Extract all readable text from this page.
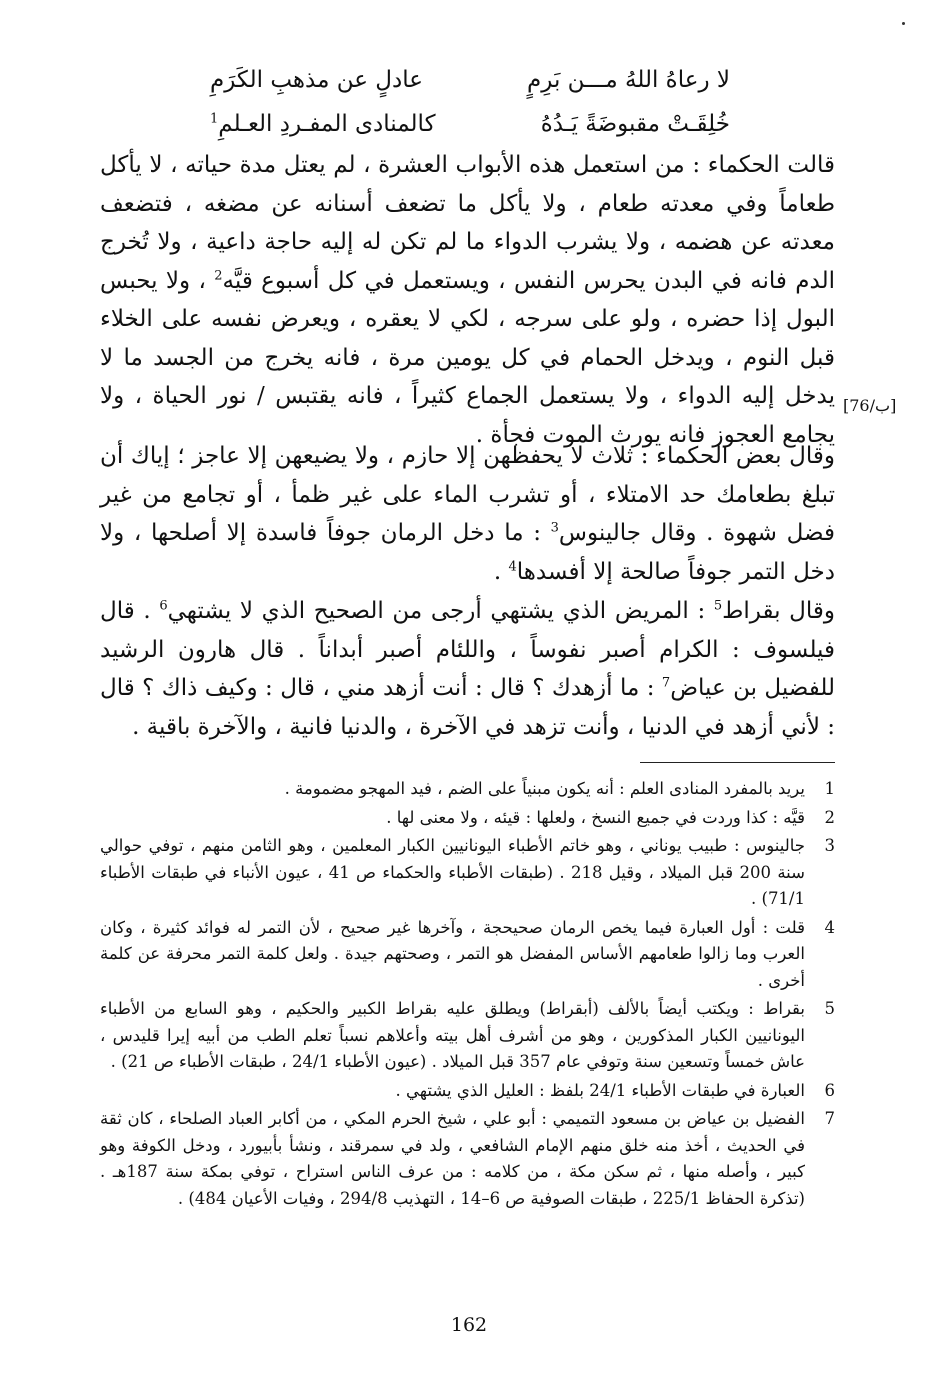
لا رعاهُ اللهُ مـــن بَرِمٍ
عادلٍ عن مذهبِ الكَرَمِ
خُلِقَـتْ مقبوضَةً يَـدُهُ
كالمنادى المفـردِ العـلمِ$^1$
قالت الحكماء : من استعمل هذه الأبواب العشرة ، لم يعتل مدة حياته ، لا يأكل طعاماً وفي معدته طعام ، ولا يأكل ما تضعف أسنانه عن مضغه ، فتضعف معدته عن هضمه ، ولا يشرب الدواء ما لم تكن له إليه حاجة داعية ، ولا تُخرج الدم فانه في البدن يحرس النفس ، ويستعمل في كل أسبوع قيَّه$^2$ ، ولا يحبس البول إذا حضره ، ولو على سرجه ، لكي لا يعقره ، ويعرض نفسه على الخلاء قبل النوم ، ويدخل الحمام في كل يومين مرة ، فانه يخرج من الجسد ما لا يدخل إليه الدواء ، ولا يستعمل الجماع كثيراً ، فانه يقتبس / نور الحياة ، ولا يجامع العجوز فانه يورث الموت فجأة .
[76/ب]
وقال بعض الحكماء : ثلاث لا يحفظهن إلا حازم ، ولا يضيعهن إلا عاجز ؛ إياك أن تبلغ بطعامك حد الامتلاء ، أو تشرب الماء على غير ظمأ ، أو تجامع من غير فضل شهوة . وقال جالينوس$^3$ : ما دخل الرمان جوفاً فاسدة إلا أصلحها ، ولا دخل التمر جوفاً صالحة إلا أفسدها$^4$ .
وقال بقراط$^5$ : المريض الذي يشتهي أرجى من الصحيح الذي لا يشتهي$^6$ . قال فيلسوف : الكرام أصبر نفوساً ، واللئام أصبر أبداناً . قال هارون الرشيد للفضيل بن عياض$^7$ : ما أزهدك ؟ قال : أنت أزهد مني ، قال : وكيف ذاك ؟ قال : لأني أزهد في الدنيا ، وأنت تزهد في الآخرة ، والدنيا فانية ، والآخرة باقية .
1
يريد بالمفرد المنادى العلم : أنه يكون مبنياً على الضم ، فيد المهجو مضمومة .
2
قيَّه : كذا وردت في جميع النسخ ، ولعلها : قيئه ، ولا معنى لها .
3
جالينوس : طبيب يوناني ، وهو خاتم الأطباء اليونانيين الكبار المعلمين ، وهو الثامن منهم ، توفي حوالي سنة 200 قبل الميلاد ، وقيل 218 . (طبقات الأطباء والحكماء ص 41 ، عيون الأنباء في طبقات الأطباء 71/1) .
4
قلت : أول العبارة فيما يخص الرمان صحيحجة ، وآخرها غير صحيح ، لأن التمر له فوائد كثيرة ، وكان العرب وما زالوا طعامهم الأساس المفضل هو التمر ، وصحتهم جيدة . ولعل كلمة التمر محرفة عن كلمة أخرى .
5
بقراط : ويكتب أيضاً بالألف (أبقراط) ويطلق عليه بقراط الكبير والحكيم ، وهو السابع من الأطباء اليونانيين الكبار المذكورين ، وهو من أشرف أهل بيته وأعلاهم نسباً تعلم الطب من أبيه إيرا قليدس ، عاش خمساً وتسعين سنة وتوفي عام 357 قبل الميلاد . (عيون الأطباء 24/1 ، طبقات الأطباء ص 21) .
6
العبارة في طبقات الأطباء 24/1 بلفظ : العليل الذي يشتهي .
7
الفضيل بن عياض بن مسعود التميمي : أبو علي ، شيخ الحرم المكي ، من أكابر العباد الصلحاء ، كان ثقة في الحديث ، أخذ منه خلق منهم الإمام الشافعي ، ولد في سمرقند ، ونشأ بأبيورد ، ودخل الكوفة وهو كبير ، وأصله منها ، ثم سكن مكة ، من كلامه : من عرف الناس استراح ، توفي بمكة سنة 187هـ . (تذكرة الحفاظ 225/1 ، طبقات الصوفية ص 6–14 ، التهذيب 294/8 ، وفيات الأعيان 484) .
162
